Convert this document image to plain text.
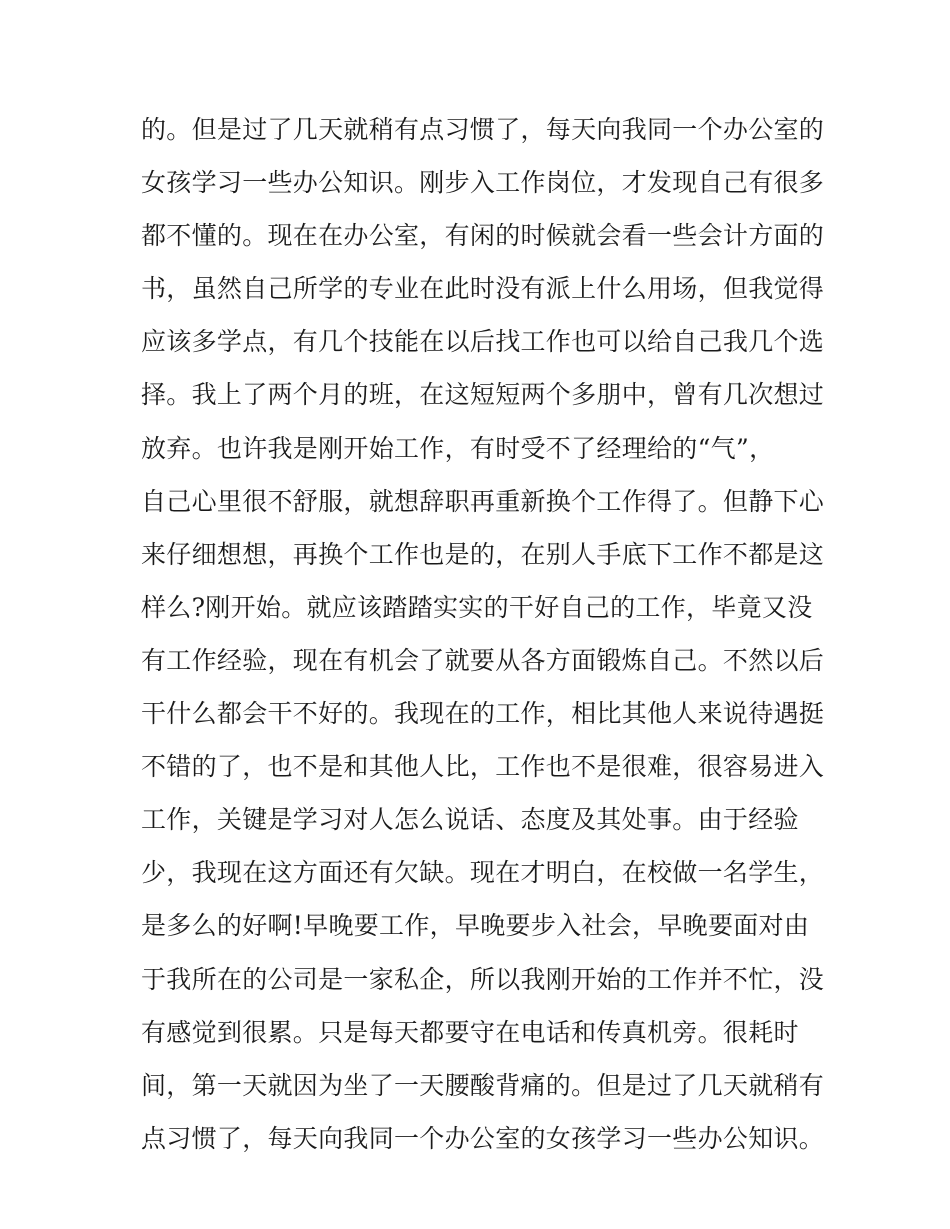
的。但是过了几天就稍有点习惯了，每天向我同一个办公室的
女孩学习一些办公知识。刚步入工作岗位，才发现自己有很多
都不懂的。现在在办公室，有闲的时候就会看一些会计方面的
书，虽然自己所学的专业在此时没有派上什么用场，但我觉得
应该多学点，有几个技能在以后找工作也可以给自己我几个选
择。我上了两个月的班，在这短短两个多朋中，曾有几次想过
放弃。也许我是刚开始工作，有时受不了经理给的“气”，
自己心里很不舒服，就想辞职再重新换个工作得了。但静下心
来仔细想想，再换个工作也是的，在别人手底下工作不都是这
样么?刚开始。就应该踏踏实实的干好自己的工作，毕竟又没
有工作经验，现在有机会了就要从各方面锻炼自己。不然以后
干什么都会干不好的。我现在的工作，相比其他人来说待遇挺
不错的了，也不是和其他人比，工作也不是很难，很容易进入
工作，关键是学习对人怎么说话、态度及其处事。由于经验
少，我现在这方面还有欠缺。现在才明白，在校做一名学生，
是多么的好啊!早晚要工作，早晚要步入社会，早晚要面对由
于我所在的公司是一家私企，所以我刚开始的工作并不忙，没
有感觉到很累。只是每天都要守在电话和传真机旁。很耗时
间，第一天就因为坐了一天腰酸背痛的。但是过了几天就稍有
点习惯了，每天向我同一个办公室的女孩学习一些办公知识。
